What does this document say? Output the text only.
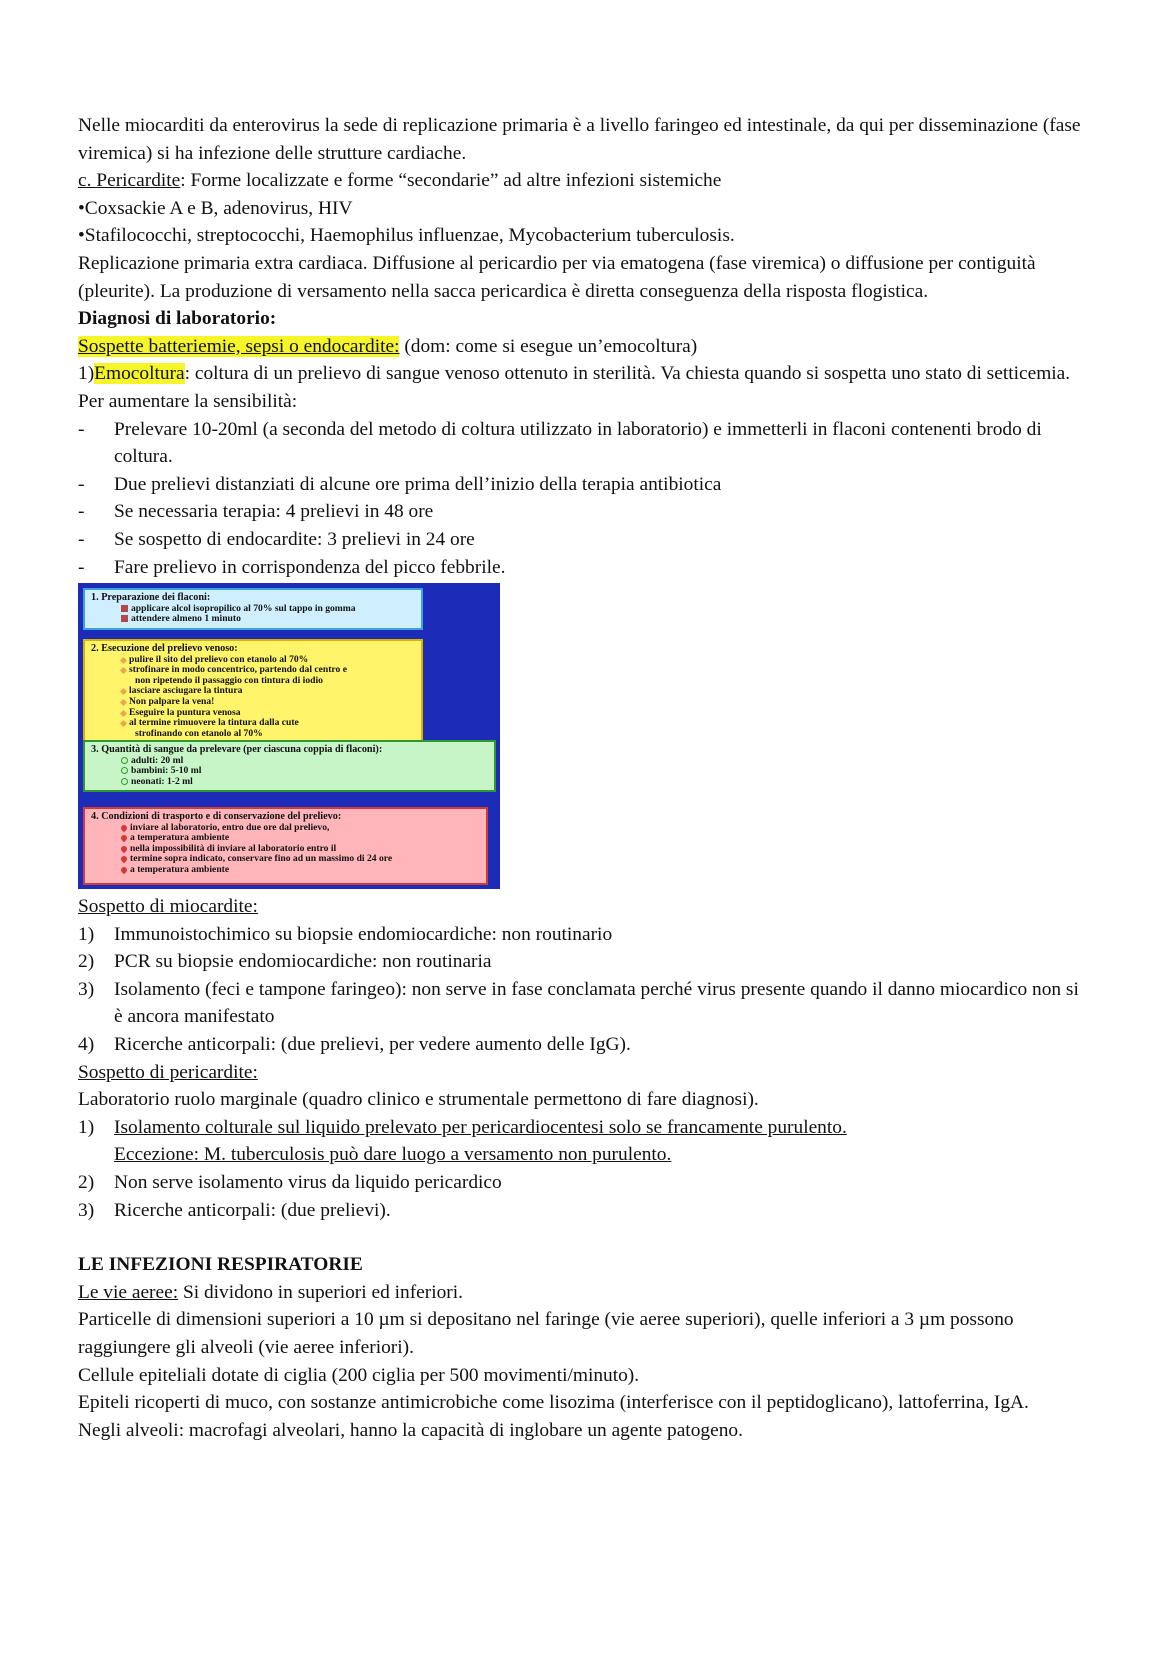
Nelle miocarditi da enterovirus la sede di replicazione primaria è a livello faringeo ed intestinale, da qui per disseminazione (fase viremica) si ha infezione delle strutture cardiache.

c. Pericardite: Forme localizzate e forme “secondarie” ad altre infezioni sistemiche

•Coxsackie A e B, adenovirus, HIV

•Stafilococchi, streptococchi, Haemophilus influenzae, Mycobacterium tuberculosis.

Replicazione primaria extra cardiaca. Diffusione al pericardio per via ematogena (fase viremica) o diffusione per contiguità (pleurite). La produzione di versamento nella sacca pericardica è diretta conseguenza della risposta flogistica.

Diagnosi di laboratorio:

Sospette batteriemie, sepsi o endocardite: (dom: come si esegue un’emocoltura)

1)Emocoltura: coltura di un prelievo di sangue venoso ottenuto in sterilità. Va chiesta quando si sospetta uno stato di setticemia. Per aumentare la sensibilità:

-	Prelevare 10-20ml (a seconda del metodo di coltura utilizzato in laboratorio) e immetterli in flaconi contenenti brodo di coltura.
-	Due prelievi distanziati di alcune ore prima dell’inizio della terapia antibiotica
-	Se necessaria terapia: 4 prelievi in 48 ore
-	Se sospetto di endocardite: 3 prelievi in 24 ore
-	Fare prelievo in corrispondenza del picco febbrile.
1. Preparazione dei flaconi:
applicare alcol isopropilico al 70% sul tappo in gomma
attendere almeno 1 minuto
2. Esecuzione del prelievo venoso:
pulire il sito del prelievo con etanolo al 70%
strofinare in modo concentrico, partendo dal centro e
non ripetendo il passaggio con tintura di iodio
lasciare asciugare la tintura
Non palpare la vena!
Eseguire la puntura venosa
al termine rimuovere la tintura dalla cute
strofinando con etanolo al 70%
3. Quantità di sangue da prelevare (per ciascuna coppia di flaconi):
adulti: 20 ml
bambini: 5-10 ml
neonati: 1-2 ml
4. Condizioni di trasporto e di conservazione del prelievo:
inviare al laboratorio, entro due ore dal prelievo,
a temperatura ambiente
nella impossibilità di inviare al laboratorio entro il
termine sopra indicato, conservare fino ad un massimo di 24 ore
a temperatura ambiente

Sospetto di miocardite:

1)	Immunoistochimico su biopsie endomiocardiche: non routinario
2)	PCR su biopsie endomiocardiche: non routinaria
3)	Isolamento (feci e tampone faringeo): non serve in fase conclamata perché virus presente quando il danno miocardico non si è ancora manifestato
4)	Ricerche anticorpali: (due prelievi, per vedere aumento delle IgG).

Sospetto di pericardite:

Laboratorio ruolo marginale (quadro clinico e strumentale permettono di fare diagnosi).

1)	Isolamento colturale sul liquido prelevato per pericardiocentesi solo se francamente purulento.
Eccezione: M. tuberculosis può dare luogo a versamento non purulento.
2)	Non serve isolamento virus da liquido pericardico
3)	Ricerche anticorpali: (due prelievi).

LE INFEZIONI RESPIRATORIE

Le vie aeree: Si dividono in superiori ed inferiori.

Particelle di dimensioni superiori a 10 µm si depositano nel faringe (vie aeree superiori), quelle inferiori a 3 µm possono raggiungere gli alveoli (vie aeree inferiori).

Cellule epiteliali dotate di ciglia (200 ciglia per 500 movimenti/minuto).

Epiteli ricoperti di muco, con sostanze antimicrobiche come lisozima (interferisce con il peptidoglicano), lattoferrina, IgA.

Negli alveoli: macrofagi alveolari, hanno la capacità di inglobare un agente patogeno.
